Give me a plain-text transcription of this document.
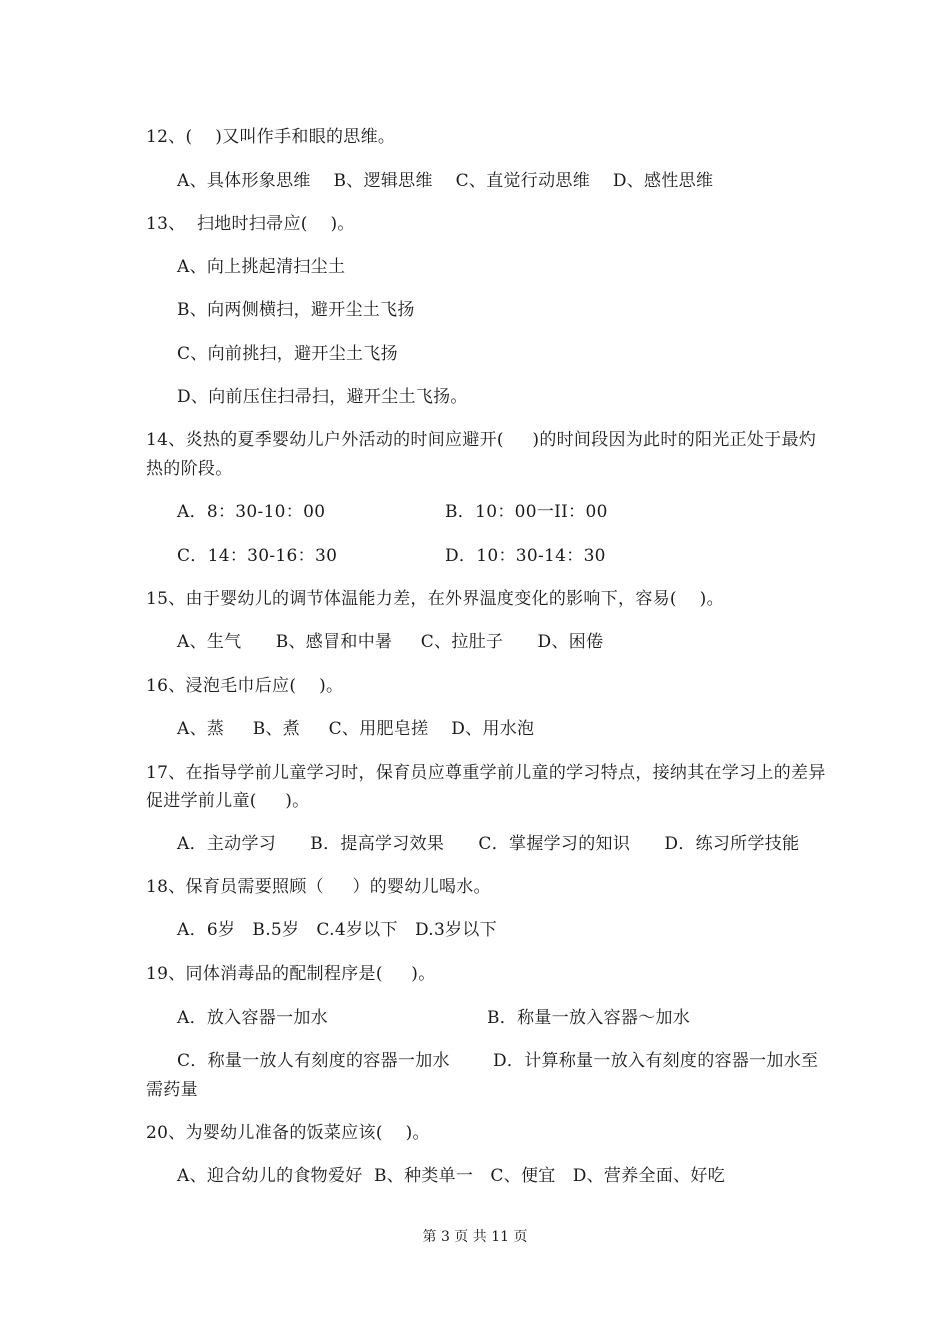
12、(    )又叫作手和眼的思维。
A、具体形象思维    B、逻辑思维    C、直觉行动思维    D、感性思维
13、  扫地时扫帚应(    )。
A、向上挑起清扫尘土
B、向两侧横扫，避开尘土飞扬
C、向前挑扫，避开尘土飞扬
D、向前压住扫帚扫，避开尘土飞扬。
14、炎热的夏季婴幼儿户外活动的时间应避开(     )的时间段因为此时的阳光正处于最灼
热的阶段。
A．8：30-10：00	B．10：00一II：00
C．14：30-16：30	D．10：30-14：30
15、由于婴幼儿的调节体温能力差，在外界温度变化的影响下，容易(    )。
A、生气      B、感冒和中暑     C、拉肚子      D、困倦
16、浸泡毛巾后应(    )。
A、蒸     B、煮     C、用肥皂搓    D、用水泡
17、在指导学前儿童学习时，保育员应尊重学前儿童的学习特点，接纳其在学习上的差异
促进学前儿童(     )。
A．主动学习      B．提高学习效果      C．掌握学习的知识      D．练习所学技能
18、保育员需要照顾（     ）的婴幼儿喝水。
A．6岁   B.5岁   C.4岁以下   D.3岁以下
19、同体消毒品的配制程序是(     )。
A．放入容器一加水	B．称量一放入容器～加水
C．称量一放人有刻度的容器一加水	D．计算称量一放入有刻度的容器一加水至
需药量
20、为婴幼儿准备的饭菜应该(    )。
A、迎合幼儿的食物爱好  B、种类单一   C、便宜   D、营养全面、好吃
第 3 页 共 11 页
